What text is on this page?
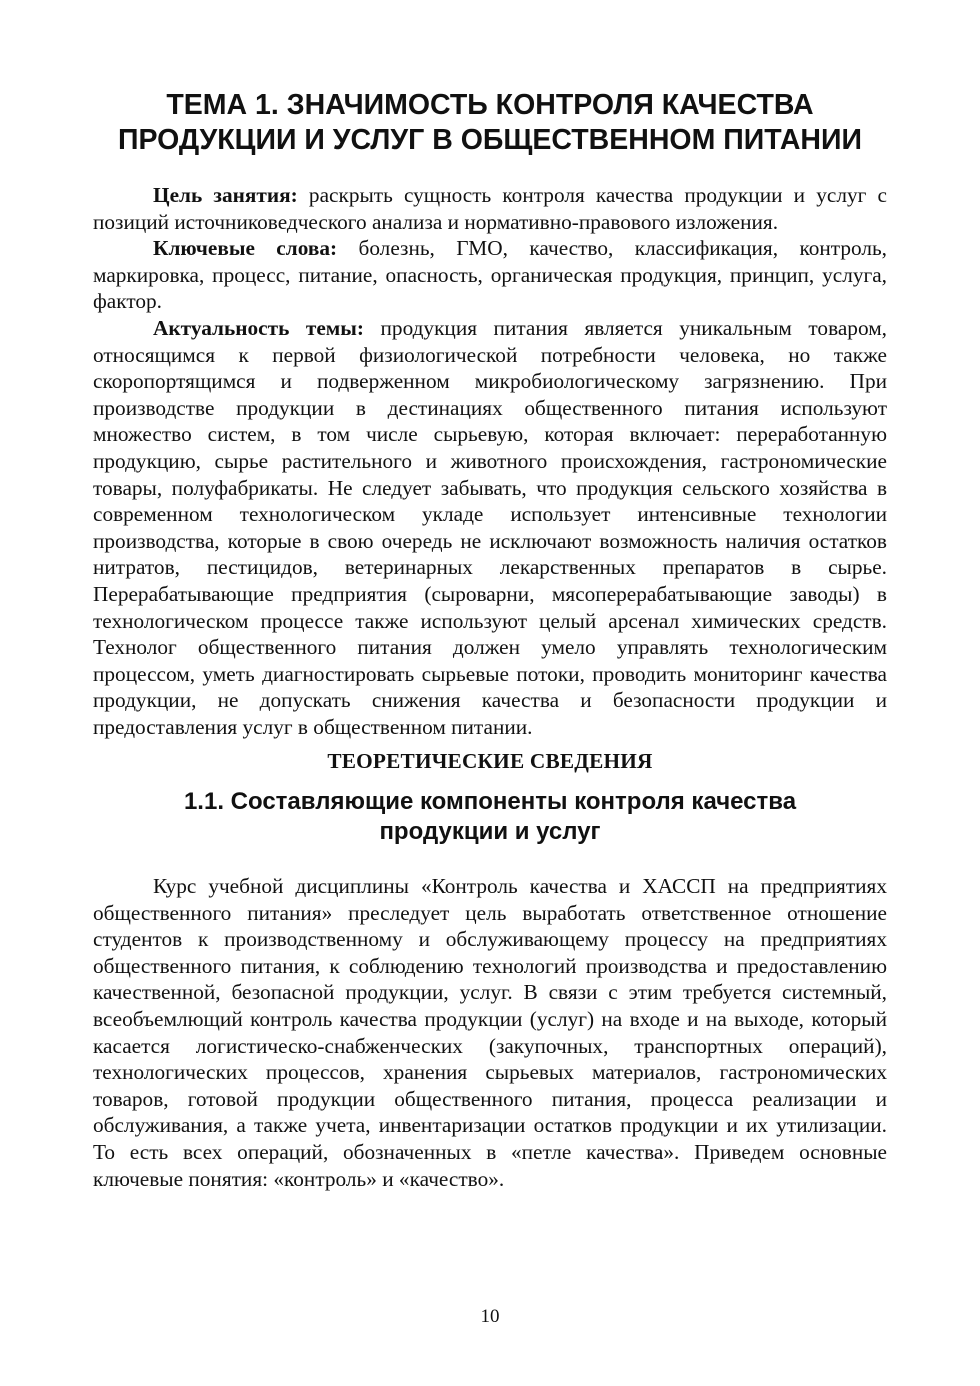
ТЕМА 1. ЗНАЧИМОСТЬ КОНТРОЛЯ КАЧЕСТВА
ПРОДУКЦИИ И УСЛУГ В ОБЩЕСТВЕННОМ ПИТАНИИ

Цель занятия: раскрыть сущность контроля качества продукции и услуг с позиций источниковедческого анализа и нормативно-правового изложения.

Ключевые слова: болезнь, ГМО, качество, классификация, контроль, маркировка, процесс, питание, опасность, органическая продукция, принцип, услуга, фактор.

Актуальность темы: продукция питания является уникальным товаром, относящимся к первой физиологической потребности человека, но также скоропортящимся и подверженном микробиологическому загрязнению. При производстве продукции в дестинациях общественного питания используют множество систем, в том числе сырьевую, которая включает: переработанную продукцию, сырье растительного и животного происхождения, гастрономические товары, полуфабрикаты. Не следует забывать, что продукция сельского хозяйства в современном технологическом укладе использует интенсивные технологии производства, которые в свою очередь не исключают возможность наличия остатков нитратов, пестицидов, ветеринарных лекарственных препаратов в сырье. Перерабатывающие предприятия (сыроварни, мясоперерабатывающие заводы) в технологическом процессе также используют целый арсенал химических средств. Технолог общественного питания должен умело управлять технологическим процессом, уметь диагностировать сырьевые потоки, проводить мониторинг качества продукции, не допускать снижения качества и безопасности продукции и предоставления услуг в общественном питании.

ТЕОРЕТИЧЕСКИЕ СВЕДЕНИЯ

1.1. Составляющие компоненты контроля качества
продукции и услуг

Курс учебной дисциплины «Контроль качества и ХАССП на предприятиях общественного питания» преследует цель выработать ответственное отношение студентов к производственному и обслуживающему процессу на предприятиях общественного питания, к соблюдению технологий производства и предоставлению качественной, безопасной продукции, услуг. В связи с этим требуется системный, всеобъемлющий контроль качества продукции (услуг) на входе и на выходе, который касается логистическо-снабженческих (закупочных, транспортных операций), технологических процессов, хранения сырьевых материалов, гастрономических товаров, готовой продукции общественного питания, процесса реализации и обслуживания, а также учета, инвентаризации остатков продукции и их утилизации. То есть всех операций, обозначенных в «петле качества». Приведем основные ключевые понятия: «контроль» и «качество».

10
